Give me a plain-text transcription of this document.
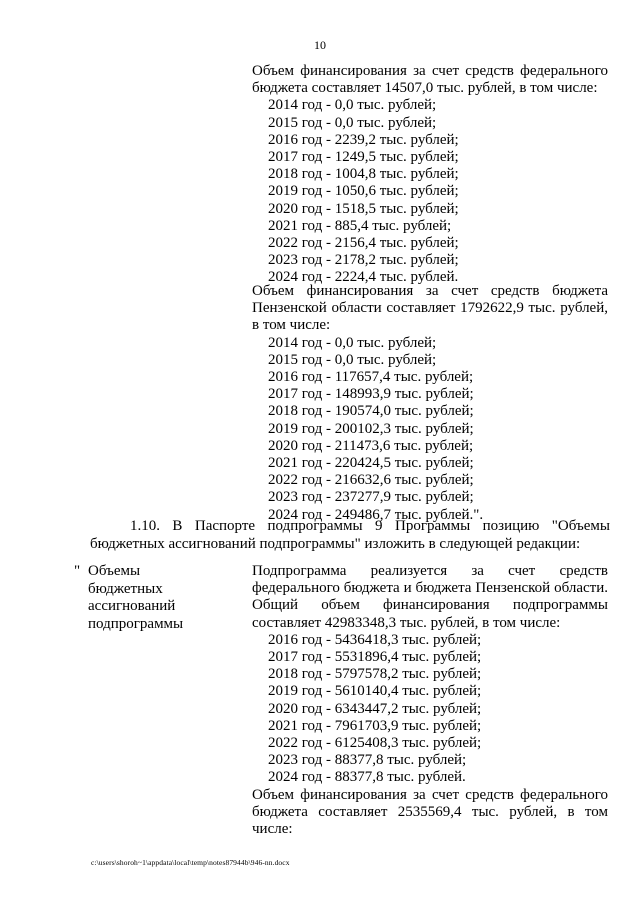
10
Объем финансирования за счет средств федерального бюджета составляет 14507,0 тыс. рублей, в том числе:
2014 год - 0,0 тыс. рублей;
2015 год - 0,0 тыс. рублей;
2016 год - 2239,2 тыс. рублей;
2017 год - 1249,5 тыс. рублей;
2018 год - 1004,8 тыс. рублей;
2019 год - 1050,6 тыс. рублей;
2020 год - 1518,5 тыс. рублей;
2021 год - 885,4 тыс. рублей;
2022 год - 2156,4 тыс. рублей;
2023 год - 2178,2 тыс. рублей;
2024 год - 2224,4 тыс. рублей.
Объем финансирования за счет средств бюджета Пензенской области составляет 1792622,9 тыс. рублей, в том числе:
2014 год - 0,0 тыс. рублей;
2015 год - 0,0 тыс. рублей;
2016 год - 117657,4 тыс. рублей;
2017 год - 148993,9 тыс. рублей;
2018 год - 190574,0 тыс. рублей;
2019 год - 200102,3 тыс. рублей;
2020 год - 211473,6 тыс. рублей;
2021 год - 220424,5 тыс. рублей;
2022 год - 216632,6 тыс. рублей;
2023 год - 237277,9 тыс. рублей;
2024 год - 249486,7 тыс. рублей.".
1.10. В Паспорте подпрограммы 9 Программы позицию "Объемы
бюджетных ассигнований подпрограммы" изложить в следующей редакции:
" Объемы
бюджетных
ассигнований
подпрограммы
Подпрограмма реализуется за счет средств федерального бюджета и бюджета Пензенской области. Общий объем финансирования подпрограммы составляет 42983348,3 тыс. рублей, в том числе:
2016 год - 5436418,3 тыс. рублей;
2017 год - 5531896,4 тыс. рублей;
2018 год - 5797578,2 тыс. рублей;
2019 год - 5610140,4 тыс. рублей;
2020 год - 6343447,2 тыс. рублей;
2021 год - 7961703,9 тыс. рублей;
2022 год - 6125408,3 тыс. рублей;
2023 год - 88377,8 тыс. рублей;
2024 год - 88377,8 тыс. рублей.
Объем финансирования за счет средств федерального бюджета составляет 2535569,4 тыс. рублей, в том числе:
c:\users\shoroh~1\appdata\local\temp\notes87944b\946-nn.docx
